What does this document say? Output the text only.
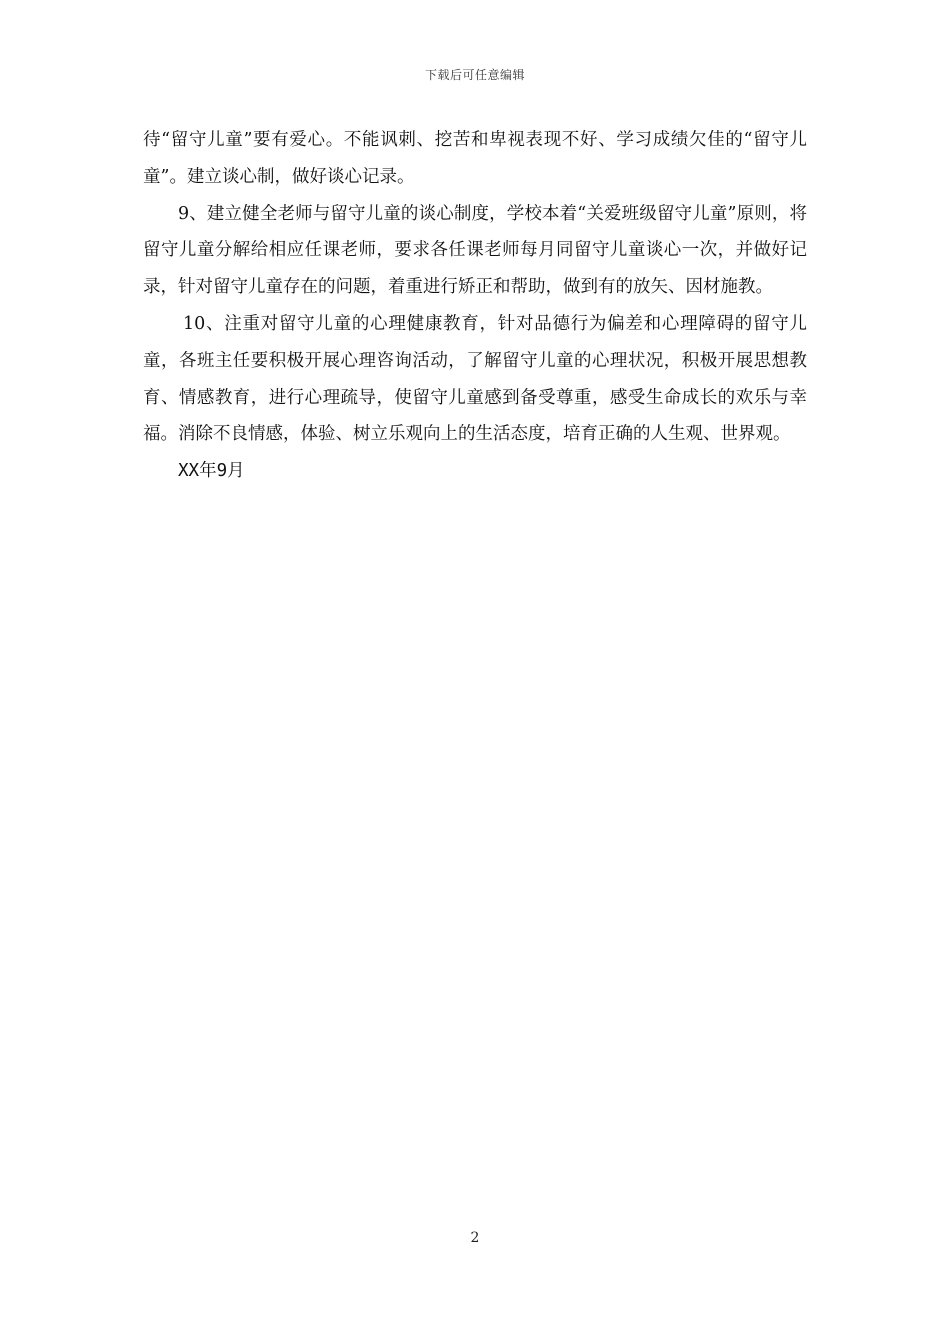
下载后可任意编辑

待“留守儿童”要有爱心。不能讽刺、挖苦和卑视表现不好、学习成绩欠佳的“留守儿童”。建立谈心制，做好谈心记录。

9、建立健全老师与留守儿童的谈心制度，学校本着“关爱班级留守儿童”原则，将留守儿童分解给相应任课老师，要求各任课老师每月同留守儿童谈心一次，并做好记录，针对留守儿童存在的问题，着重进行矫正和帮助，做到有的放矢、因材施教。

10、注重对留守儿童的心理健康教育，针对品德行为偏差和心理障碍的留守儿童，各班主任要积极开展心理咨询活动，了解留守儿童的心理状况，积极开展思想教育、情感教育，进行心理疏导，使留守儿童感到备受尊重，感受生命成长的欢乐与幸福。消除不良情感，体验、树立乐观向上的生活态度，培育正确的人生观、世界观。

XX年9月

2
